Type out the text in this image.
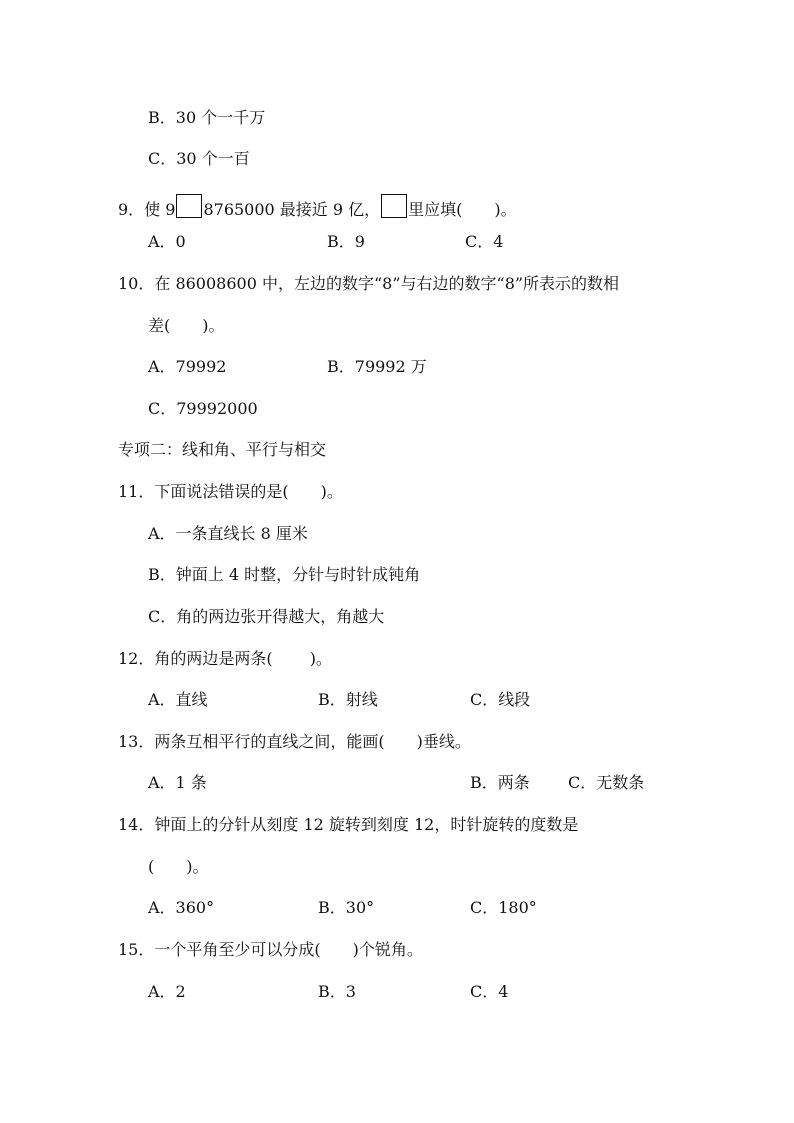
B．30 个一千万
C．30 个一百
9．使 9 8765000 最接近 9 亿， 里应填(　　)。
A．0	B．9	C．4
10．在 86008600 中，左边的数字“8”与右边的数字“8”所表示的数相
差(　　)。
A．79992	B．79992 万
C．79992000
专项二：线和角、平行与相交
11．下面说法错误的是(　　)。
A．一条直线长 8 厘米
B．钟面上 4 时整，分针与时针成钝角
C．角的两边张开得越大，角越大
12．角的两边是两条(　　 )。
A．直线	B．射线	C．线段
13．两条互相平行的直线之间，能画(　　)垂线。
A．1 条	B．两条 C．无数条
14．钟面上的分针从刻度 12 旋转到刻度 12，时针旋转的度数是
(　　)。
A．360°	B．30°	C．180°
15．一个平角至少可以分成(　　)个锐角。
A．2	B．3	C．4
